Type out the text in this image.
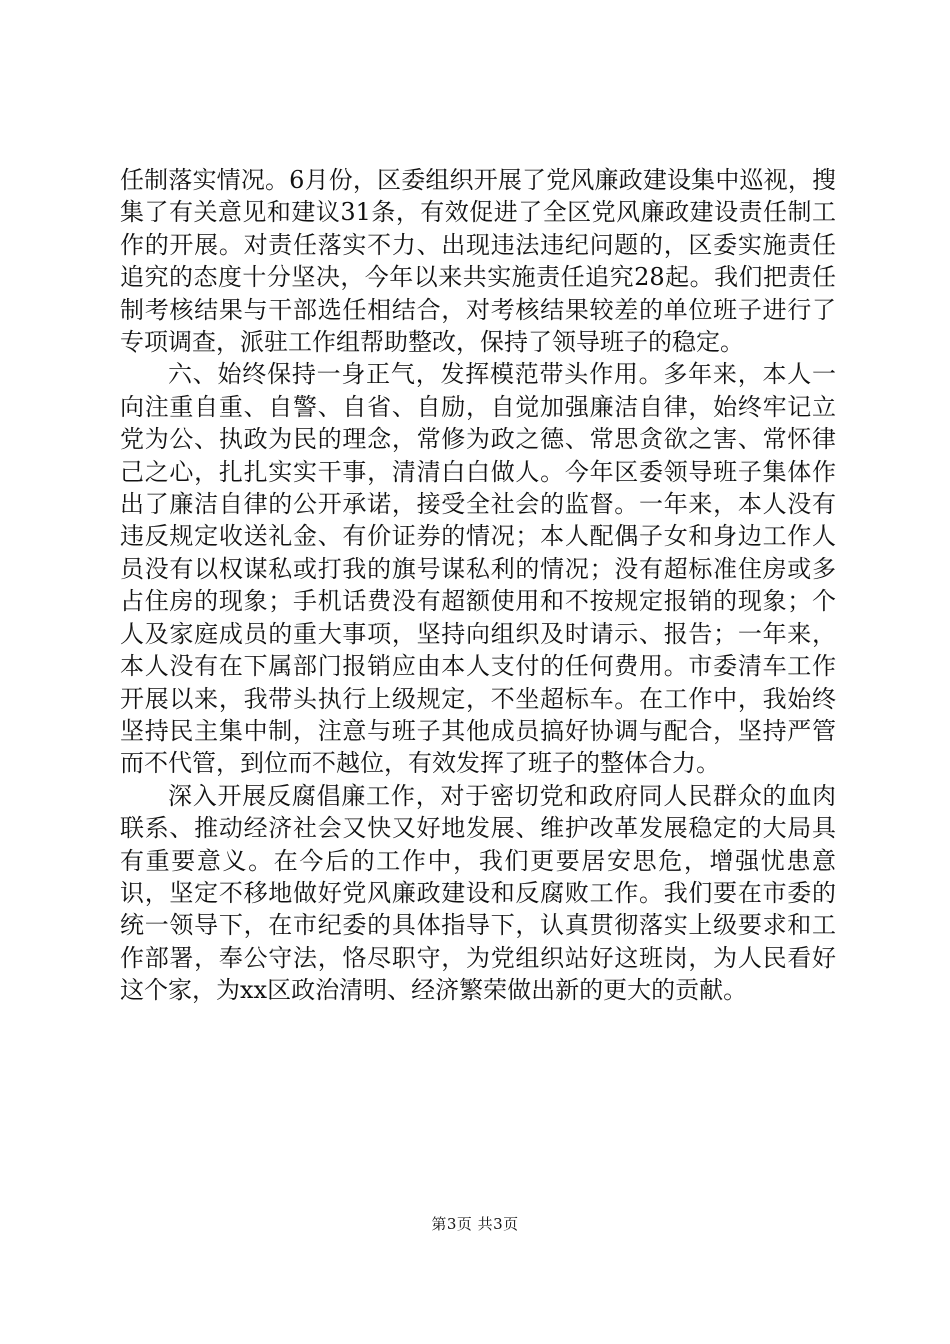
任制落实情况。6月份，区委组织开展了党风廉政建设集中巡视，搜集了有关意见和建议31条，有效促进了全区党风廉政建设责任制工作的开展。对责任落实不力、出现违法违纪问题的，区委实施责任追究的态度十分坚决，今年以来共实施责任追究28起。我们把责任制考核结果与干部选任相结合，对考核结果较差的单位班子进行了专项调查，派驻工作组帮助整改，保持了领导班子的稳定。

六、始终保持一身正气，发挥模范带头作用。多年来，本人一向注重自重、自警、自省、自励，自觉加强廉洁自律，始终牢记立党为公、执政为民的理念，常修为政之德、常思贪欲之害、常怀律己之心，扎扎实实干事，清清白白做人。今年区委领导班子集体作出了廉洁自律的公开承诺，接受全社会的监督。一年来，本人没有违反规定收送礼金、有价证券的情况；本人配偶子女和身边工作人员没有以权谋私或打我的旗号谋私利的情况；没有超标准住房或多占住房的现象；手机话费没有超额使用和不按规定报销的现象；个人及家庭成员的重大事项，坚持向组织及时请示、报告；一年来，本人没有在下属部门报销应由本人支付的任何费用。市委清车工作开展以来，我带头执行上级规定，不坐超标车。在工作中，我始终坚持民主集中制，注意与班子其他成员搞好协调与配合，坚持严管而不代管，到位而不越位，有效发挥了班子的整体合力。

深入开展反腐倡廉工作，对于密切党和政府同人民群众的血肉联系、推动经济社会又快又好地发展、维护改革发展稳定的大局具有重要意义。在今后的工作中，我们更要居安思危，增强忧患意识，坚定不移地做好党风廉政建设和反腐败工作。我们要在市委的统一领导下，在市纪委的具体指导下，认真贯彻落实上级要求和工作部署，奉公守法，恪尽职守，为党组织站好这班岗，为人民看好这个家，为xx区政治清明、经济繁荣做出新的更大的贡献。

第3页 共3页
